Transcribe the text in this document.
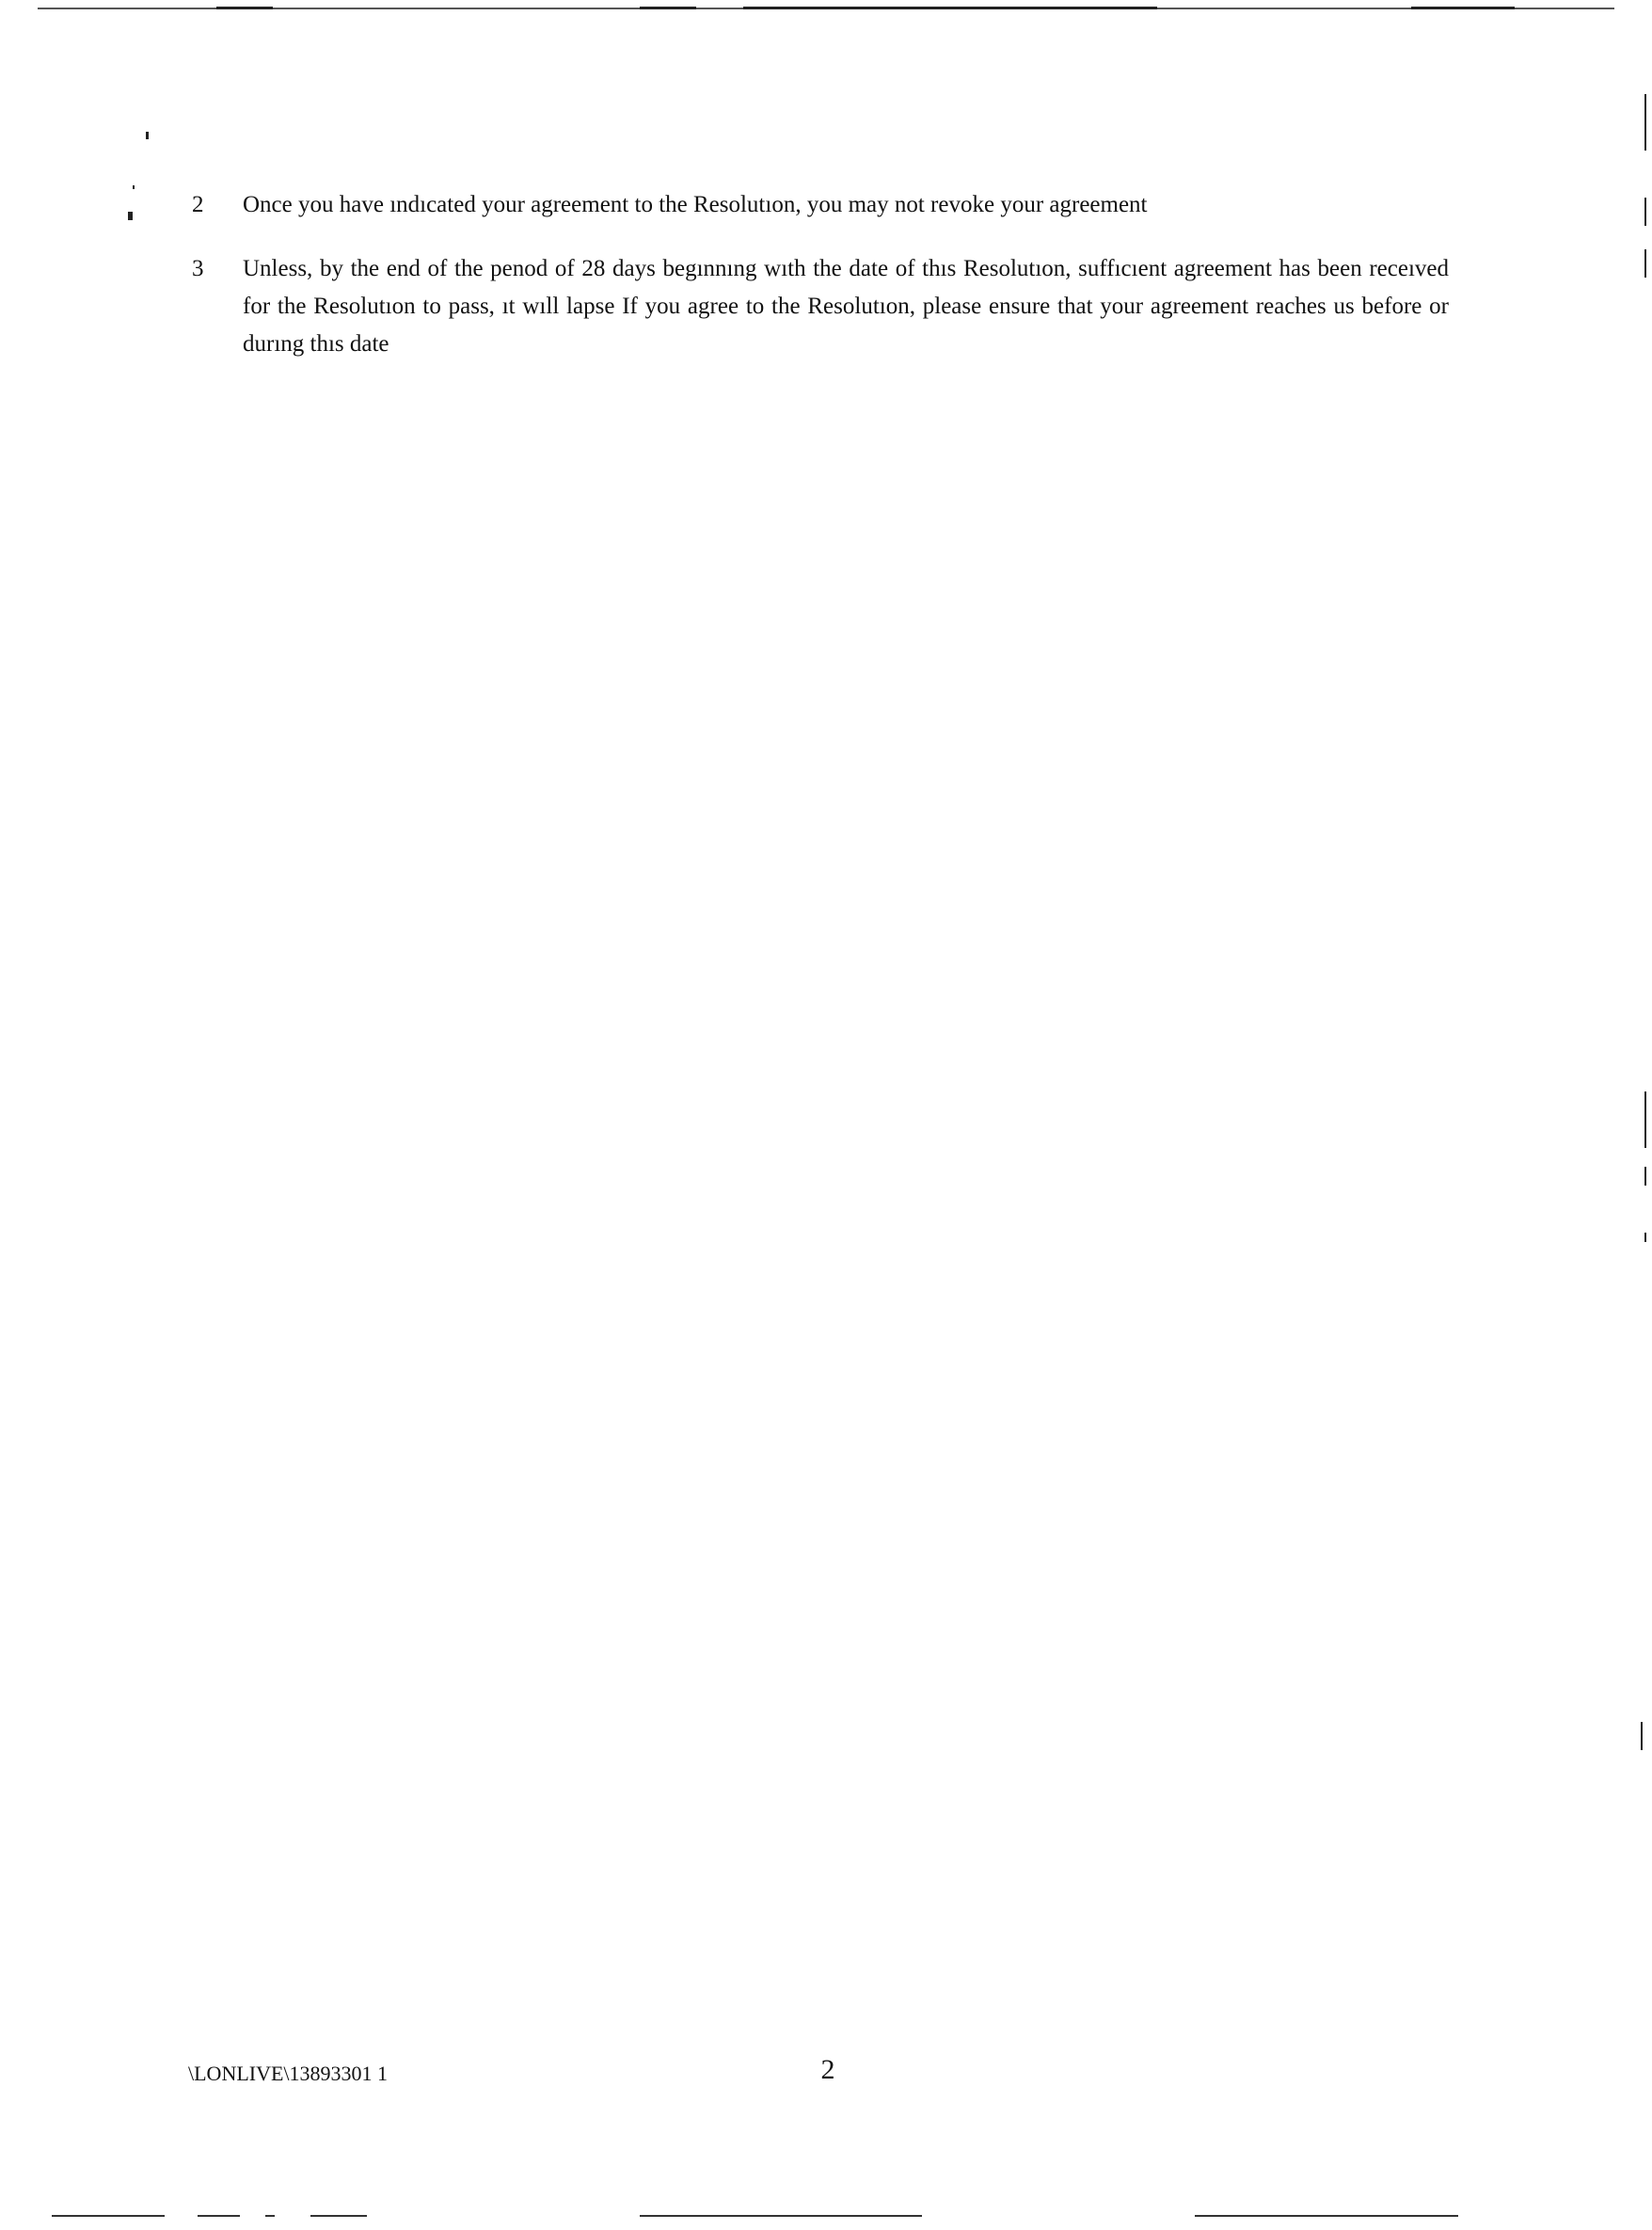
2 Once you have ındıcated your agreement to the Resolutıon, you may not revoke your agreement
3 Unless, by the end of the penod of 28 days begınnıng wıth the date of thıs Resolutıon, suffıcıent agreement has been receıved for the Resolutıon to pass, ıt wıll lapse If you agree to the Resolutıon, please ensure that your agreement reaches us before or durıng thıs date
\LONLIVE\13893301 1	2
